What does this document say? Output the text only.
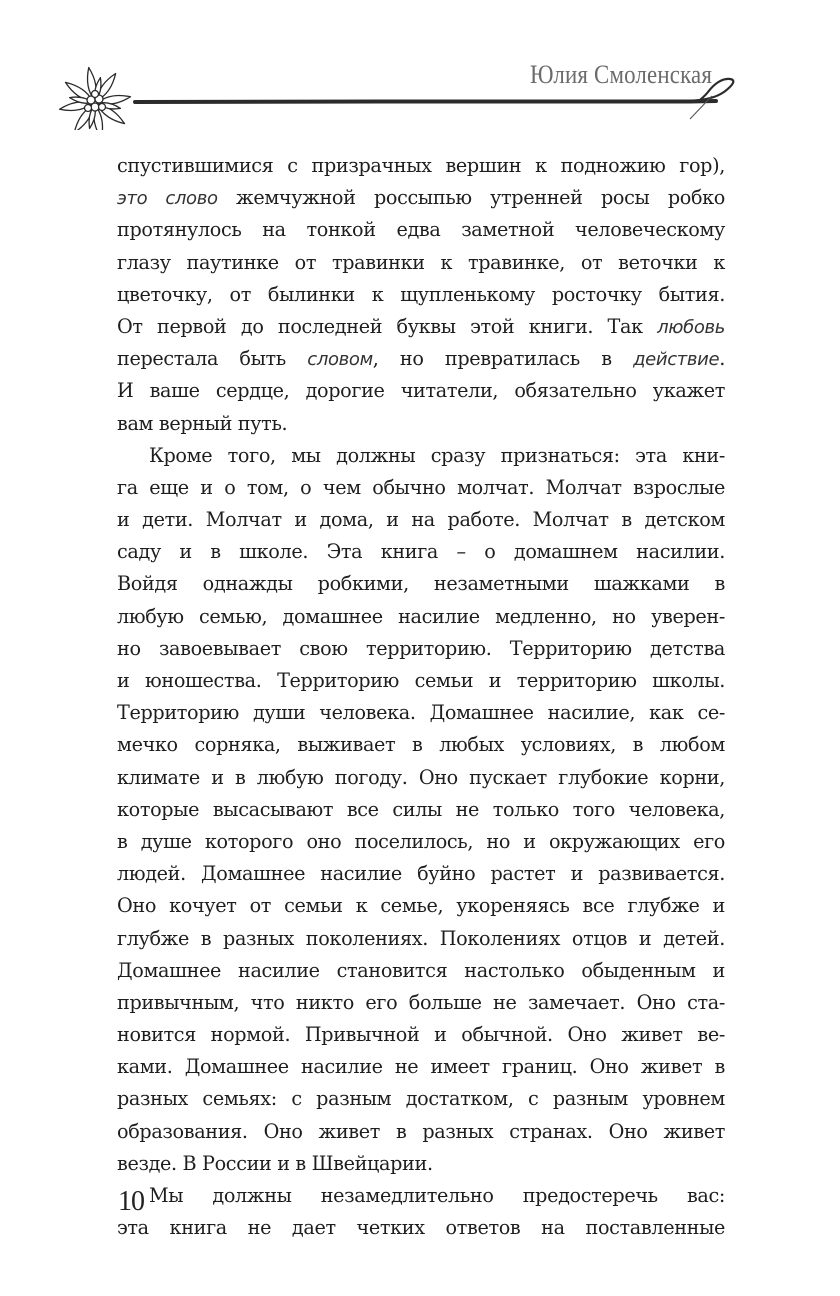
Юлия Смоленская
спустившимися с призрачных вершин к подножию гор),
это слово жемчужной россыпью утренней росы робко
протянулось на тонкой едва заметной человеческому
глазу паутинке от травинки к травинке, от веточки к
цветочку, от былинки к щупленькому росточку бытия.
От первой до последней буквы этой книги. Так любовь
перестала быть словом, но превратилась в действие.
И ваше сердце, дорогие читатели, обязательно укажет
вам верный путь.
Кроме того, мы должны сразу признаться: эта кни-
га еще и о том, о чем обычно молчат. Молчат взрослые
и дети. Молчат и дома, и на работе. Молчат в детском
саду и в школе. Эта книга – о домашнем насилии.
Войдя однажды робкими, незаметными шажками в
любую семью, домашнее насилие медленно, но уверен-
но завоевывает свою территорию. Территорию детства
и юношества. Территорию семьи и территорию школы.
Территорию души человека. Домашнее насилие, как се-
мечко сорняка, выживает в любых условиях, в любом
климате и в любую погоду. Оно пускает глубокие корни,
которые высасывают все силы не только того человека,
в душе которого оно поселилось, но и окружающих его
людей. Домашнее насилие буйно растет и развивается.
Оно кочует от семьи к семье, укореняясь все глубже и
глубже в разных поколениях. Поколениях отцов и детей.
Домашнее насилие становится настолько обыденным и
привычным, что никто его больше не замечает. Оно ста-
новится нормой. Привычной и обычной. Оно живет ве-
ками. Домашнее насилие не имеет границ. Оно живет в
разных семьях: с разным достатком, с разным уровнем
образования. Оно живет в разных странах. Оно живет
везде. В России и в Швейцарии.
Мы должны незамедлительно предостеречь вас:
эта книга не дает четких ответов на поставленные
10
